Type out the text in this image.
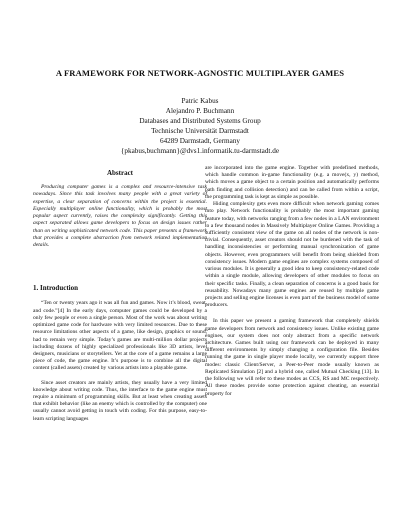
A FRAMEWORK FOR NETWORK-AGNOSTIC MULTIPLAYER GAMES
Patric Kabus
Alejandro P. Buchmann
Databases and Distributed Systems Group
Technische Universität Darmstadt
64289 Darmstadt, Germany
{pkabus,buchmann}@dvs1.informatik.tu-darmstadt.de
Abstract

Producing computer games is a complex and resource-intensive task nowadays. Since this task involves many people with a great variety of expertise, a clear separation of concerns within the project is essential. Especially multiplayer online functionality, which is probably the most popular aspect currently, raises the complexity significantly. Getting this aspect separated allows game developers to focus on design issues rather than on writing sophisticated network code. This paper presents a framework that provides a complete abstraction from network related implementation details.

1. Introduction

“Ten or twenty years ago it was all fun and games. Now it’s blood, sweat, and code.”[4] In the early days, computer games could be developed by a only few people or even a single person. Most of the work was about writing optimized game code for hardware with very limited resources. Due to these resource limitations other aspects of a game, like design, graphics or sound, had to remain very simple. Today’s games are multi-million dollar projects including dozens of highly specialized professionals like 3D artists, level designers, musicians or storytellers. Yet at the core of a game remains a large piece of code, the game engine. It’s purpose is to combine all the digital content (called assets) created by various artists into a playable game.

Since asset creators are mainly artists, they usually have a very limited knowledge about writing code. Thus, the interface to the game engine must require a minimum of programming skills. But at least when creating assets that exhibit behavior (like an enemy which is controlled by the computer) one usually cannot avoid getting in touch with coding. For this purpose, easy-to-learn scripting languages

are incorporated into the game engine. Together with predefined methods, which handle common in-game functionality (e.g. a move(x, y) method, which moves a game object to a certain position and automatically performs path finding and collision detection) and can be called from within a script, the programming task is kept as simple as possible.

Hiding complexity gets even more difficult when network gaming comes into play. Network functionality is probably the most important gaming feature today, with networks ranging from a few nodes in a LAN environment to a few thousand nodes in Massively Multiplayer Online Games. Providing a sufficiently consistent view of the game on all nodes of the network is non-trivial. Consequently, asset creators should not be burdened with the task of handling inconsistencies or performing manual synchronization of game objects. However, even programmers will benefit from being shielded from consistency issues. Modern game engines are complex systems composed of various modules. It is generally a good idea to keep consistency-related code within a single module, allowing developers of other modules to focus on their specific tasks. Finally, a clean separation of concerns is a good basis for reusability. Nowadays many game engines are reused by multiple game projects and selling engine licenses is even part of the business model of some producers.

In this paper we present a gaming framework that completely shields game developers from network and consistency issues. Unlike existing game engines, our system does not only abstract from a specific network architecture. Games built using our framework can be deployed in many different environments by simply changing a configuration file. Besides running the game in single player mode locally, we currently support three modes: classic Client/Server, a Peer-to-Peer mode usually known as Replicated Simulation [2] and a hybrid one, called Mutual Checking [13]. In the following we will refer to these modes as CCS, RS and MC respectively. All these modes provide some protection against cheating, an essential property for
